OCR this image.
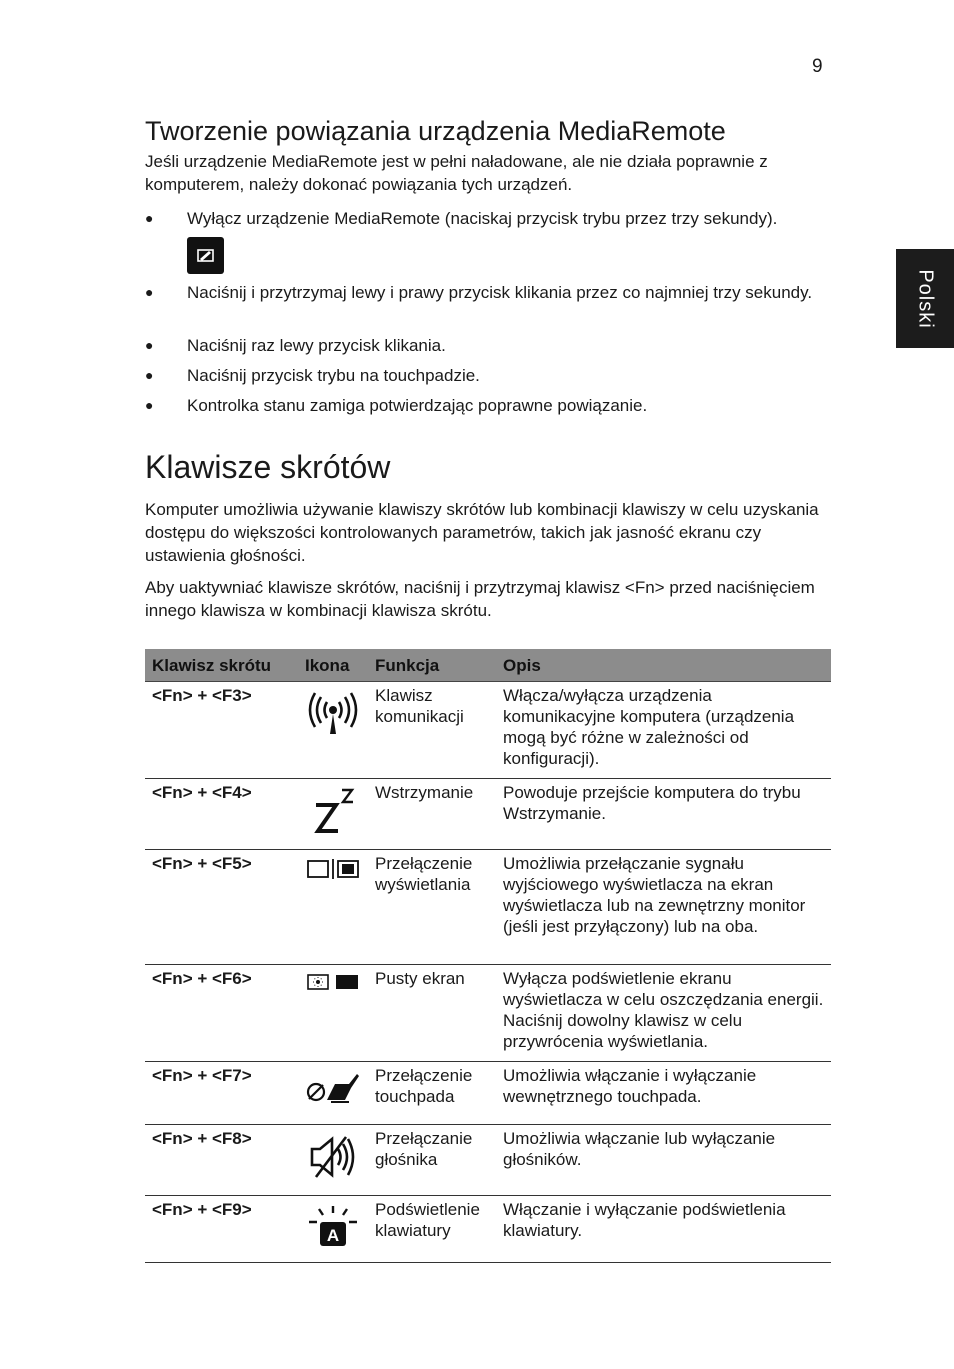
9
Polski
Tworzenie powiązania urządzenia MediaRemote

Jeśli urządzenie MediaRemote jest w pełni naładowane, ale nie działa poprawnie z komputerem, należy dokonać powiązania tych urządzeń.

● Wyłącz urządzenie MediaRemote (naciskaj przycisk trybu przez trzy sekundy).
● Naciśnij i przytrzymaj lewy i prawy przycisk klikania przez co najmniej trzy sekundy.
● Naciśnij raz lewy przycisk klikania.
● Naciśnij przycisk trybu na touchpadzie.
● Kontrolka stanu zamiga potwierdzając poprawne powiązanie.
Klawisze skrótów

Komputer umożliwia używanie klawiszy skrótów lub kombinacji klawiszy w celu uzyskania dostępu do większości kontrolowanych parametrów, takich jak jasność ekranu czy ustawienia głośności.

Aby uaktywniać klawisze skrótów, naciśnij i przytrzymaj klawisz <Fn> przed naciśnięciem innego klawisza w kombinacji klawisza skrótu.

Klawisz skrótu	Ikona	Funkcja	Opis
<Fn> + <F3>		Klawisz komunikacji	Włącza/wyłącza urządzenia komunikacyjne komputera (urządzenia mogą być różne w zależności od konfiguracji).
<Fn> + <F4>		Wstrzymanie	Powoduje przejście komputera do trybu Wstrzymanie.
<Fn> + <F5>		Przełączenie wyświetlania	Umożliwia przełączanie sygnału wyjściowego wyświetlacza na ekran wyświetlacza lub na zewnętrzny monitor (jeśli jest przyłączony) lub na oba.
<Fn> + <F6>		Pusty ekran	Wyłącza podświetlenie ekranu wyświetlacza w celu oszczędzania energii. Naciśnij dowolny klawisz w celu przywrócenia wyświetlania.
<Fn> + <F7>		Przełączenie touchpada	Umożliwia włączanie i wyłączanie wewnętrznego touchpada.
<Fn> + <F8>		Przełączanie głośnika	Umożliwia włączanie lub wyłączanie głośników.
<Fn> + <F9>	A	Podświetlenie klawiatury	Włączanie i wyłączanie podświetlenia klawiatury.
